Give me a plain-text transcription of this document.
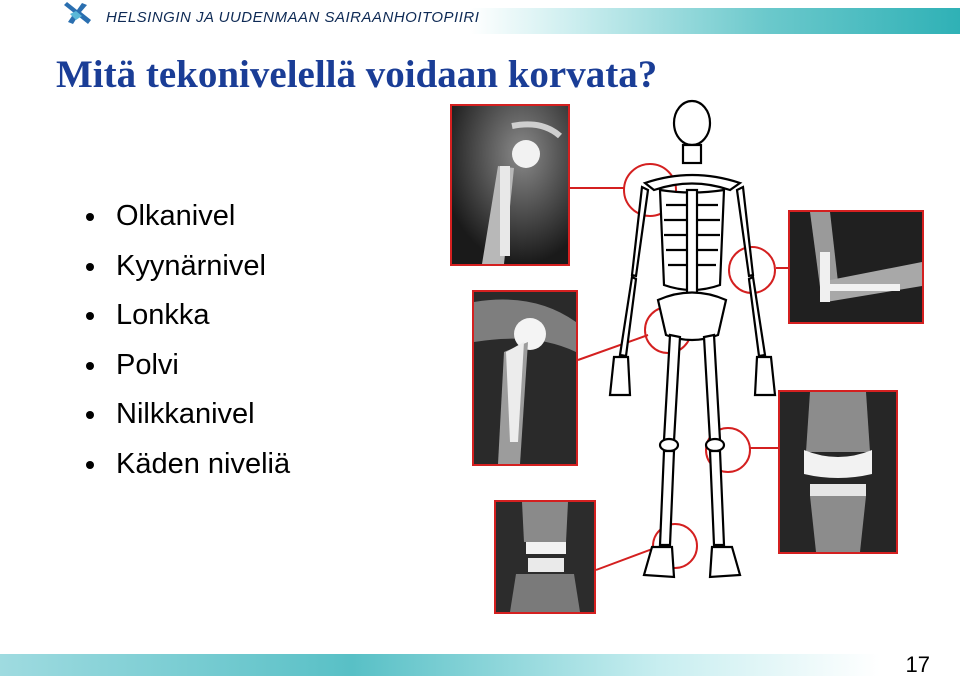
HELSINGIN JA UUDENMAAN SAIRAANHOITOPIIRI
Mitä tekonivelellä voidaan korvata?
Olkanivel
Kyynärnivel
Lonkka
Polvi
Nilkkanivel
Käden niveliä
17
